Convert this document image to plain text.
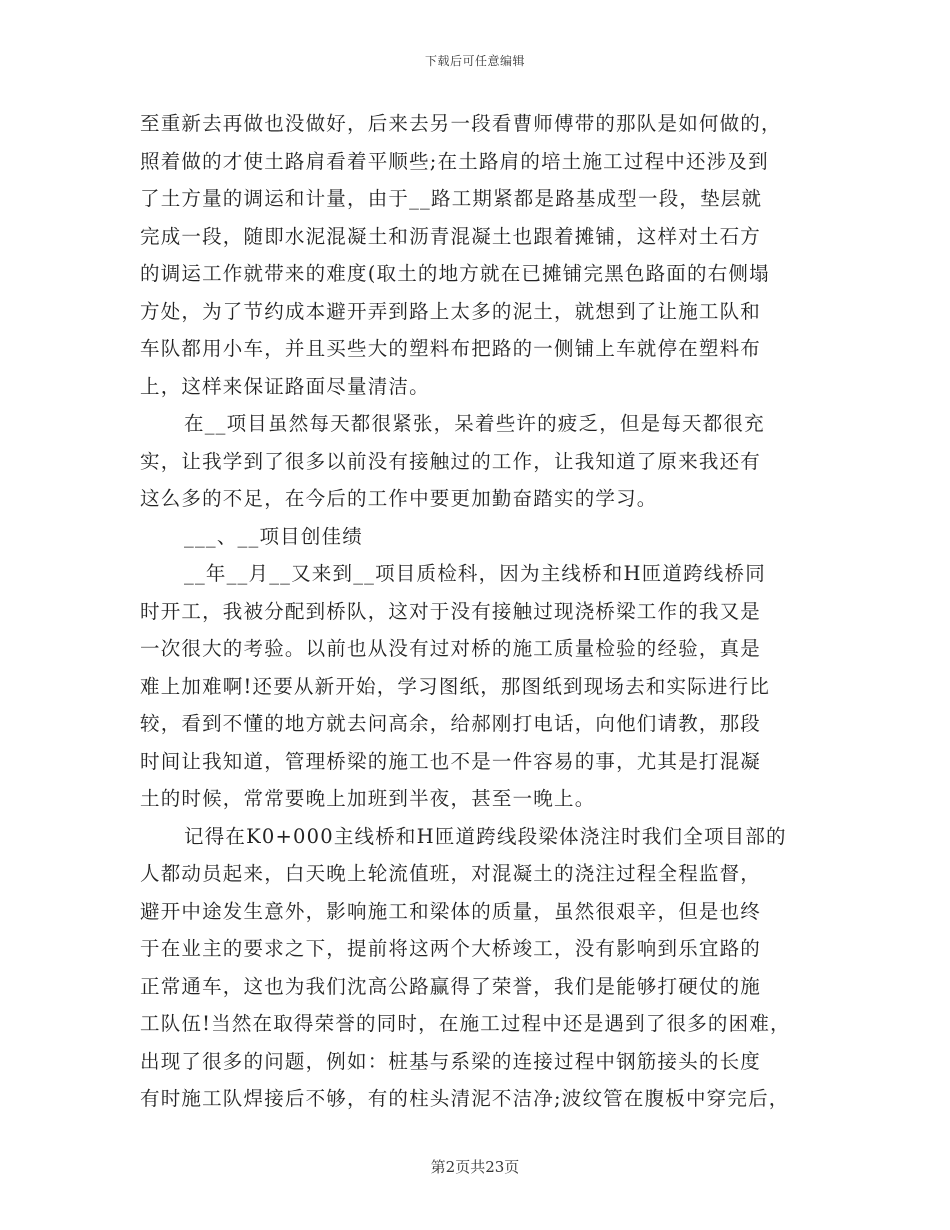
下载后可任意编辑
至重新去再做也没做好，后来去另一段看曹师傅带的那队是如何做的，
照着做的才使土路肩看着平顺些;在土路肩的培土施工过程中还涉及到
了土方量的调运和计量，由于__路工期紧都是路基成型一段，垫层就
完成一段，随即水泥混凝土和沥青混凝土也跟着摊铺，这样对土石方
的调运工作就带来的难度(取土的地方就在已摊铺完黑色路面的右侧塌
方处，为了节约成本避开弄到路上太多的泥土，就想到了让施工队和
车队都用小车，并且买些大的塑料布把路的一侧铺上车就停在塑料布
上，这样来保证路面尽量清洁。
在__项目虽然每天都很紧张，呆着些许的疲乏，但是每天都很充
实，让我学到了很多以前没有接触过的工作，让我知道了原来我还有
这么多的不足，在今后的工作中要更加勤奋踏实的学习。
___、__项目创佳绩
__年__月__又来到__项目质检科，因为主线桥和H匝道跨线桥同
时开工，我被分配到桥队，这对于没有接触过现浇桥梁工作的我又是
一次很大的考验。以前也从没有过对桥的施工质量检验的经验，真是
难上加难啊!还要从新开始，学习图纸，那图纸到现场去和实际进行比
较，看到不懂的地方就去问高余，给郝刚打电话，向他们请教，那段
时间让我知道，管理桥梁的施工也不是一件容易的事，尤其是打混凝
土的时候，常常要晚上加班到半夜，甚至一晚上。
记得在K0+000主线桥和H匝道跨线段梁体浇注时我们全项目部的
人都动员起来，白天晚上轮流值班，对混凝土的浇注过程全程监督，
避开中途发生意外，影响施工和梁体的质量，虽然很艰辛，但是也终
于在业主的要求之下，提前将这两个大桥竣工，没有影响到乐宜路的
正常通车，这也为我们沈高公路赢得了荣誉，我们是能够打硬仗的施
工队伍!当然在取得荣誉的同时，在施工过程中还是遇到了很多的困难，
出现了很多的问题，例如：桩基与系梁的连接过程中钢筋接头的长度
有时施工队焊接后不够，有的柱头清泥不洁净;波纹管在腹板中穿完后，
第2页共23页
